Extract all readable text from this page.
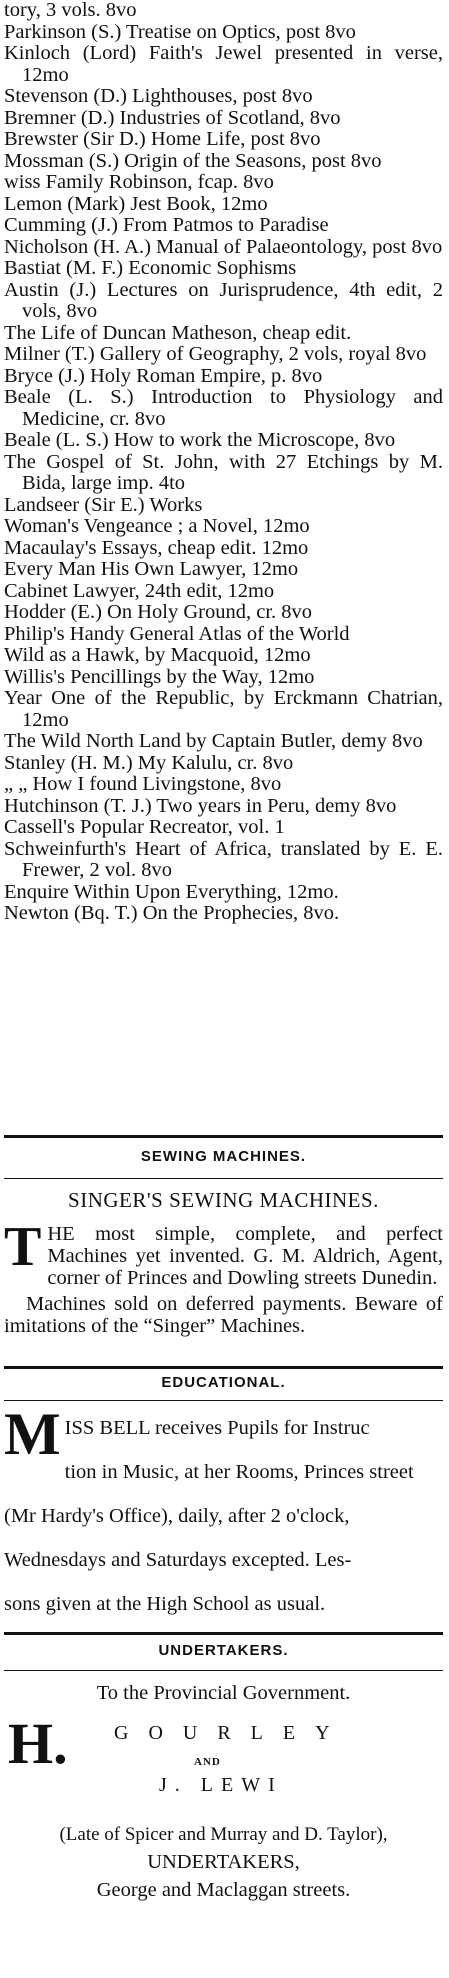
tory, 3 vols. 8vo
Parkinson (S.) Treatise on Optics, post 8vo
Kinloch (Lord) Faith's Jewel presented in verse, 12mo
Stevenson (D.) Lighthouses, post 8vo
Bremner (D.) Industries of Scotland, 8vo
Brewster (Sir D.) Home Life, post 8vo
Mossman (S.) Origin of the Seasons, post 8vo
wiss Family Robinson, fcap. 8vo
Lemon (Mark) Jest Book, 12mo
Cumming (J.) From Patmos to Paradise
Nicholson (H. A.) Manual of Palaeontology, post 8vo
Bastiat (M. F.) Economic Sophisms
Austin (J.) Lectures on Jurisprudence, 4th edit, 2 vols, 8vo
The Life of Duncan Matheson, cheap edit.
Milner (T.) Gallery of Geography, 2 vols, royal 8vo
Bryce (J.) Holy Roman Empire, p. 8vo
Beale (L. S.) Introduction to Physiology and Medicine, cr. 8vo
Beale (L. S.) How to work the Microscope, 8vo
The Gospel of St. John, with 27 Etchings by M. Bida, large imp. 4to
Landseer (Sir E.) Works
Woman's Vengeance ; a Novel, 12mo
Macaulay's Essays, cheap edit. 12mo
Every Man His Own Lawyer, 12mo
Cabinet Lawyer, 24th edit, 12mo
Hodder (E.) On Holy Ground, cr. 8vo
Philip's Handy General Atlas of the World
Wild as a Hawk, by Macquoid, 12mo
Willis's Pencillings by the Way, 12mo
Year One of the Republic, by Erckmann Chatrian, 12mo
The Wild North Land by Captain Butler, demy 8vo
Stanley (H. M.) My Kalulu, cr. 8vo
„ „ How I found Livingstone, 8vo
Hutchinson (T. J.) Two years in Peru, demy 8vo
Cassell's Popular Recreator, vol. 1
Schweinfurth's Heart of Africa, translated by E. E. Frewer, 2 vol. 8vo
Enquire Within Upon Everything, 12mo.
Newton (Bq. T.) On the Prophecies, 8vo.
SEWING MACHINES.
SINGER'S SEWING MACHINES.
THE most simple, complete, and perfect Machines yet invented. G. M. Aldrich, Agent, corner of Princes and Dowling streets Dunedin.
Machines sold on deferred payments. Beware of imitations of the “Singer” Machines.
EDUCATIONAL.
MISS BELL receives Pupils for Instruc
tion in Music, at her Rooms, Princes street
(Mr Hardy's Office), daily, after 2 o'clock,
Wednesdays and Saturdays excepted. Les-
sons given at the High School as usual.
UNDERTAKERS.
To the Provincial Government.
H. GOURLEY
AND
J. LEWI
(Late of Spicer and Murray and D. Taylor),
UNDERTAKERS,
George and Maclaggan streets.
